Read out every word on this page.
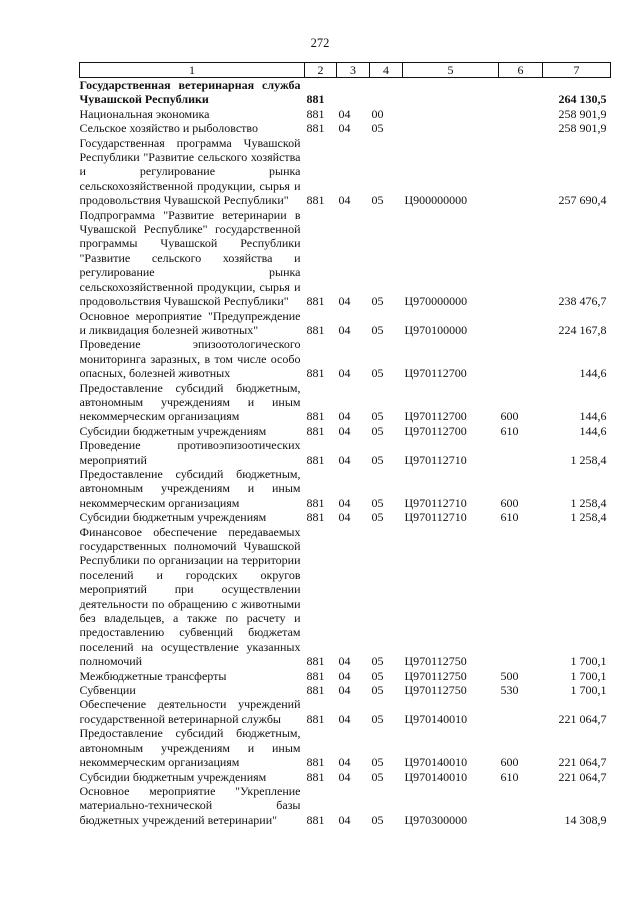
272
1	2	3	4	5	6	7
Государственная ветеринарная служба Чувашской Республики	881					264 130,5
Национальная экономика	881	04	00			258 901,9
Сельское хозяйство и рыболовство	881	04	05			258 901,9
Государственная программа Чувашской Республики "Развитие сельского хозяйства и регулирование рынка сельскохозяйственной продукции, сырья и продовольствия Чувашской Республики"	881	04	05	Ц900000000		257 690,4
Подпрограмма "Развитие ветеринарии в Чувашской Республике" государственной программы Чувашской Республики "Развитие сельского хозяйства и регулирование рынка сельскохозяйственной продукции, сырья и продовольствия Чувашской Республики"	881	04	05	Ц970000000		238 476,7
Основное мероприятие "Предупреждение и ликвидация болезней животных"	881	04	05	Ц970100000		224 167,8
Проведение эпизоотологического мониторинга заразных, в том числе особо опасных, болезней животных	881	04	05	Ц970112700		144,6
Предоставление субсидий бюджетным, автономным учреждениям и иным некоммерческим организациям	881	04	05	Ц970112700	600	144,6
Субсидии бюджетным учреждениям	881	04	05	Ц970112700	610	144,6
Проведение противоэпизоотических мероприятий	881	04	05	Ц970112710		1 258,4
Предоставление субсидий бюджетным, автономным учреждениям и иным некоммерческим организациям	881	04	05	Ц970112710	600	1 258,4
Субсидии бюджетным учреждениям	881	04	05	Ц970112710	610	1 258,4
Финансовое обеспечение передаваемых государственных полномочий Чувашской Республики по организации на территории поселений и городских округов мероприятий при осуществлении деятельности по обращению с животными без владельцев, а также по расчету и предоставлению субвенций бюджетам поселений на осуществление указанных полномочий	881	04	05	Ц970112750		1 700,1
Межбюджетные трансферты	881	04	05	Ц970112750	500	1 700,1
Субвенции	881	04	05	Ц970112750	530	1 700,1
Обеспечение деятельности учреждений государственной ветеринарной службы	881	04	05	Ц970140010		221 064,7
Предоставление субсидий бюджетным, автономным учреждениям и иным некоммерческим организациям	881	04	05	Ц970140010	600	221 064,7
Субсидии бюджетным учреждениям	881	04	05	Ц970140010	610	221 064,7
Основное мероприятие "Укрепление материально-технической базы бюджетных учреждений ветеринарии"	881	04	05	Ц970300000		14 308,9
